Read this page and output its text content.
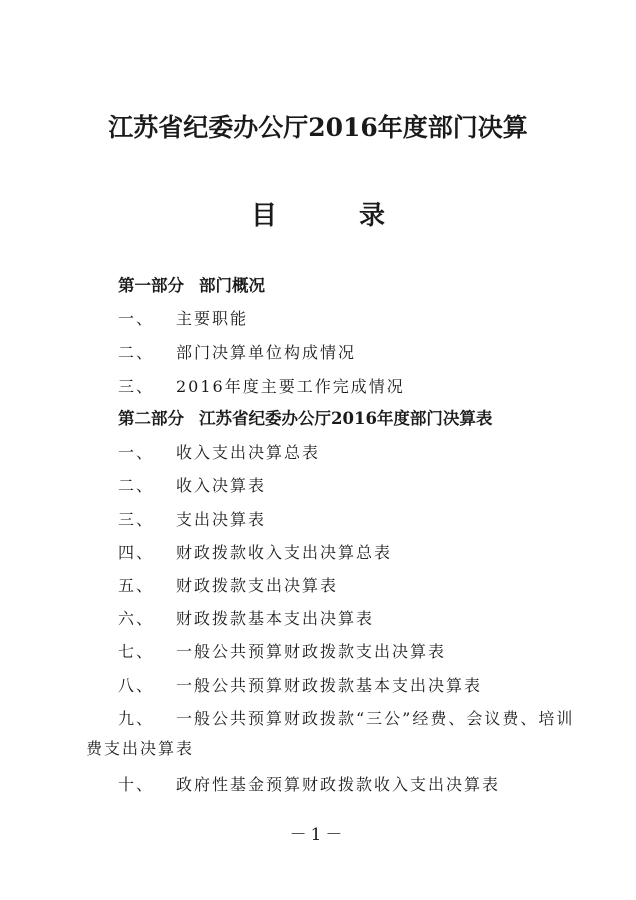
江苏省纪委办公厅2016年度部门决算
目　录
第一部分 部门概况
一、 主要职能
二、 部门决算单位构成情况
三、 2016年度主要工作完成情况
第二部分 江苏省纪委办公厅2016年度部门决算表
一、 收入支出决算总表
二、 收入决算表
三、 支出决算表
四、 财政拨款收入支出决算总表
五、 财政拨款支出决算表
六、 财政拨款基本支出决算表
七、 一般公共预算财政拨款支出决算表
八、 一般公共预算财政拨款基本支出决算表
九、 一般公共预算财政拨款“三公”经费、会议费、培训
费支出决算表
十、 政府性基金预算财政拨款收入支出决算表
－1－
